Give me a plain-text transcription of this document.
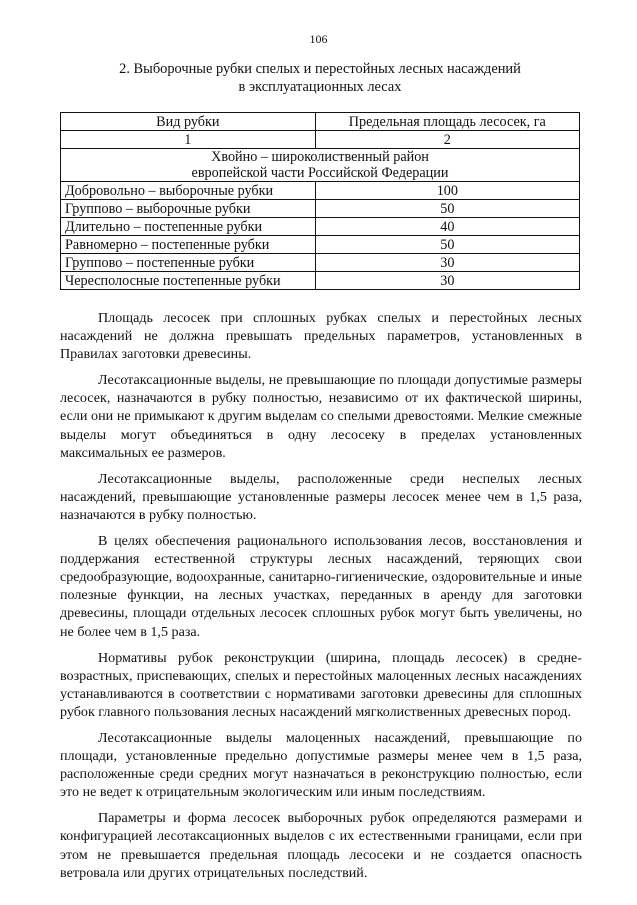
106
2. Выборочные рубки спелых и перестойных лесных насаждений
в эксплуатационных лесах
Вид рубки	Предельная площадь лесосек, га
1	2

Хвойно – широколиственный район
европейской части Российской Федерации	

Добровольно – выборочные рубки	100
Группово – выборочные рубки	50
Длительно – постепенные рубки	40
Равномерно – постепенные рубки	50
Группово – постепенные рубки	30
Чересполосные постепенные рубки	30

Площадь лесосек при сплошных рубках спелых и перестойных лесных насаждений не должна превышать предельных параметров, установленных в Правилах заготовки древесины.

Лесотаксационные выделы, не превышающие по площади допустимые размеры лесосек, назначаются в рубку полностью, независимо от их фактической ширины, если они не примыкают к другим выделам со спелыми древостоями. Мелкие смежные выделы могут объединяться в одну лесосеку в пределах установленных максимальных ее размеров.

Лесотаксационные выделы, расположенные среди неспелых лесных насаждений, превышающие установленные размеры лесосек менее чем в 1,5 раза, назначаются в рубку полностью.

В целях обеспечения рационального использования лесов, восстановления и поддержания естественной структуры лесных насаждений, теряющих свои средообразующие, водоохранные, санитарно-гигиенические, оздоровительные и иные полезные функции, на лесных участках, переданных в аренду для заготовки древесины, площади отдельных лесосек сплошных рубок могут быть увеличены, но не более чем в 1,5 раза.

Нормативы рубок реконструкции (ширина, площадь лесосек) в средне-возрастных, приспевающих, спелых и перестойных малоценных лесных насаждениях устанавливаются в соответствии с нормативами заготовки древесины для сплошных рубок главного пользования лесных насаждений мягколиственных древесных пород.

Лесотаксационные выделы малоценных насаждений, превышающие по площади, установленные предельно допустимые размеры менее чем в 1,5 раза, расположенные среди средних могут назначаться в реконструкцию полностью, если это не ведет к отрицательным экологическим или иным последствиям.

Параметры и форма лесосек выборочных рубок определяются размерами и конфигурацией лесотаксационных выделов с их естественными границами, если при этом не превышается предельная площадь лесосеки и не создается опасность ветровала или других отрицательных последствий.
